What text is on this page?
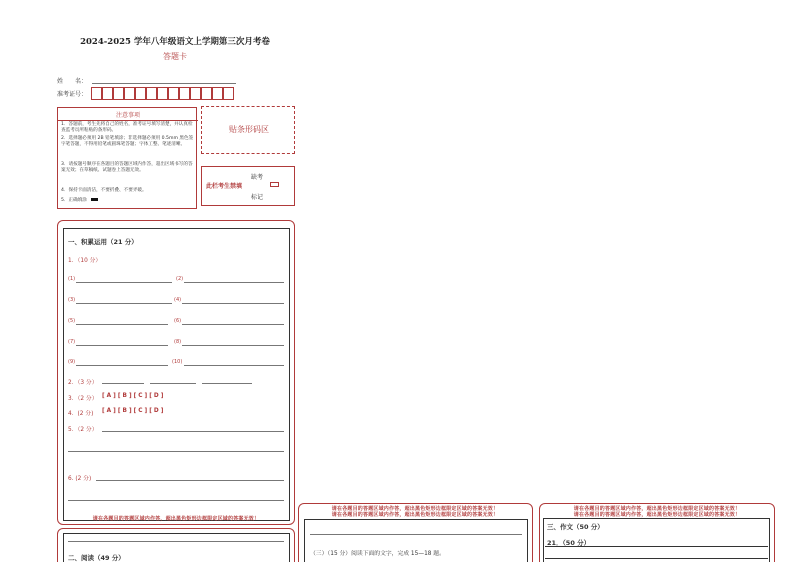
2024-2025 学年八年级语文上学期第三次月考卷
答题卡
姓　　名：
准考证号：
注意事项
1．答题前，考生先将自己的姓名，准考证号填写清楚，并认真检查监考员所粘贴的条形码。
2．选择题必须用 2B 铅笔填涂；非选择题必须用 0.5mm 黑色签字笔答题，不得用铅笔或圆珠笔答题；字体工整、笔迹清晰。
3．请按题号顺序在各题目的答题区域内作答，超出区域书写的答案无效；在草稿纸、试题卷上答题无效。
4．保持卡面清洁，不要折叠、不要弄破。
5．正确填涂
贴条形码区
缺考
此栏考生禁填
标记
一、积累运用（21 分）
1．（10 分）
(1)	(2)
(3)	(4)
(5)	(6)
(7)	(8)
(9)	(10)
2．（3 分）
3．（2 分） [ A ] [ B ] [ C ] [ D ]
4．(2 分) [ A ] [ B ] [ C ] [ D ]
5．（2 分）
6. (2 分)
请在各题目的答题区域内作答，超出黑色矩形边框限定区域的答案无效！
二、阅读（49 分）
请在各题目的答题区域内作答，超出黑色矩形边框限定区域的答案无效！
请在各题目的答题区域内作答，超出黑色矩形边框限定区域的答案无效！
（三）（15 分）阅读下面的文字，完成 15—18 题。
请在各题目的答题区域内作答，超出黑色矩形边框限定区域的答案无效！
请在各题目的答题区域内作答，超出黑色矩形边框限定区域的答案无效！
三、作文（50 分）
21．（50 分）
